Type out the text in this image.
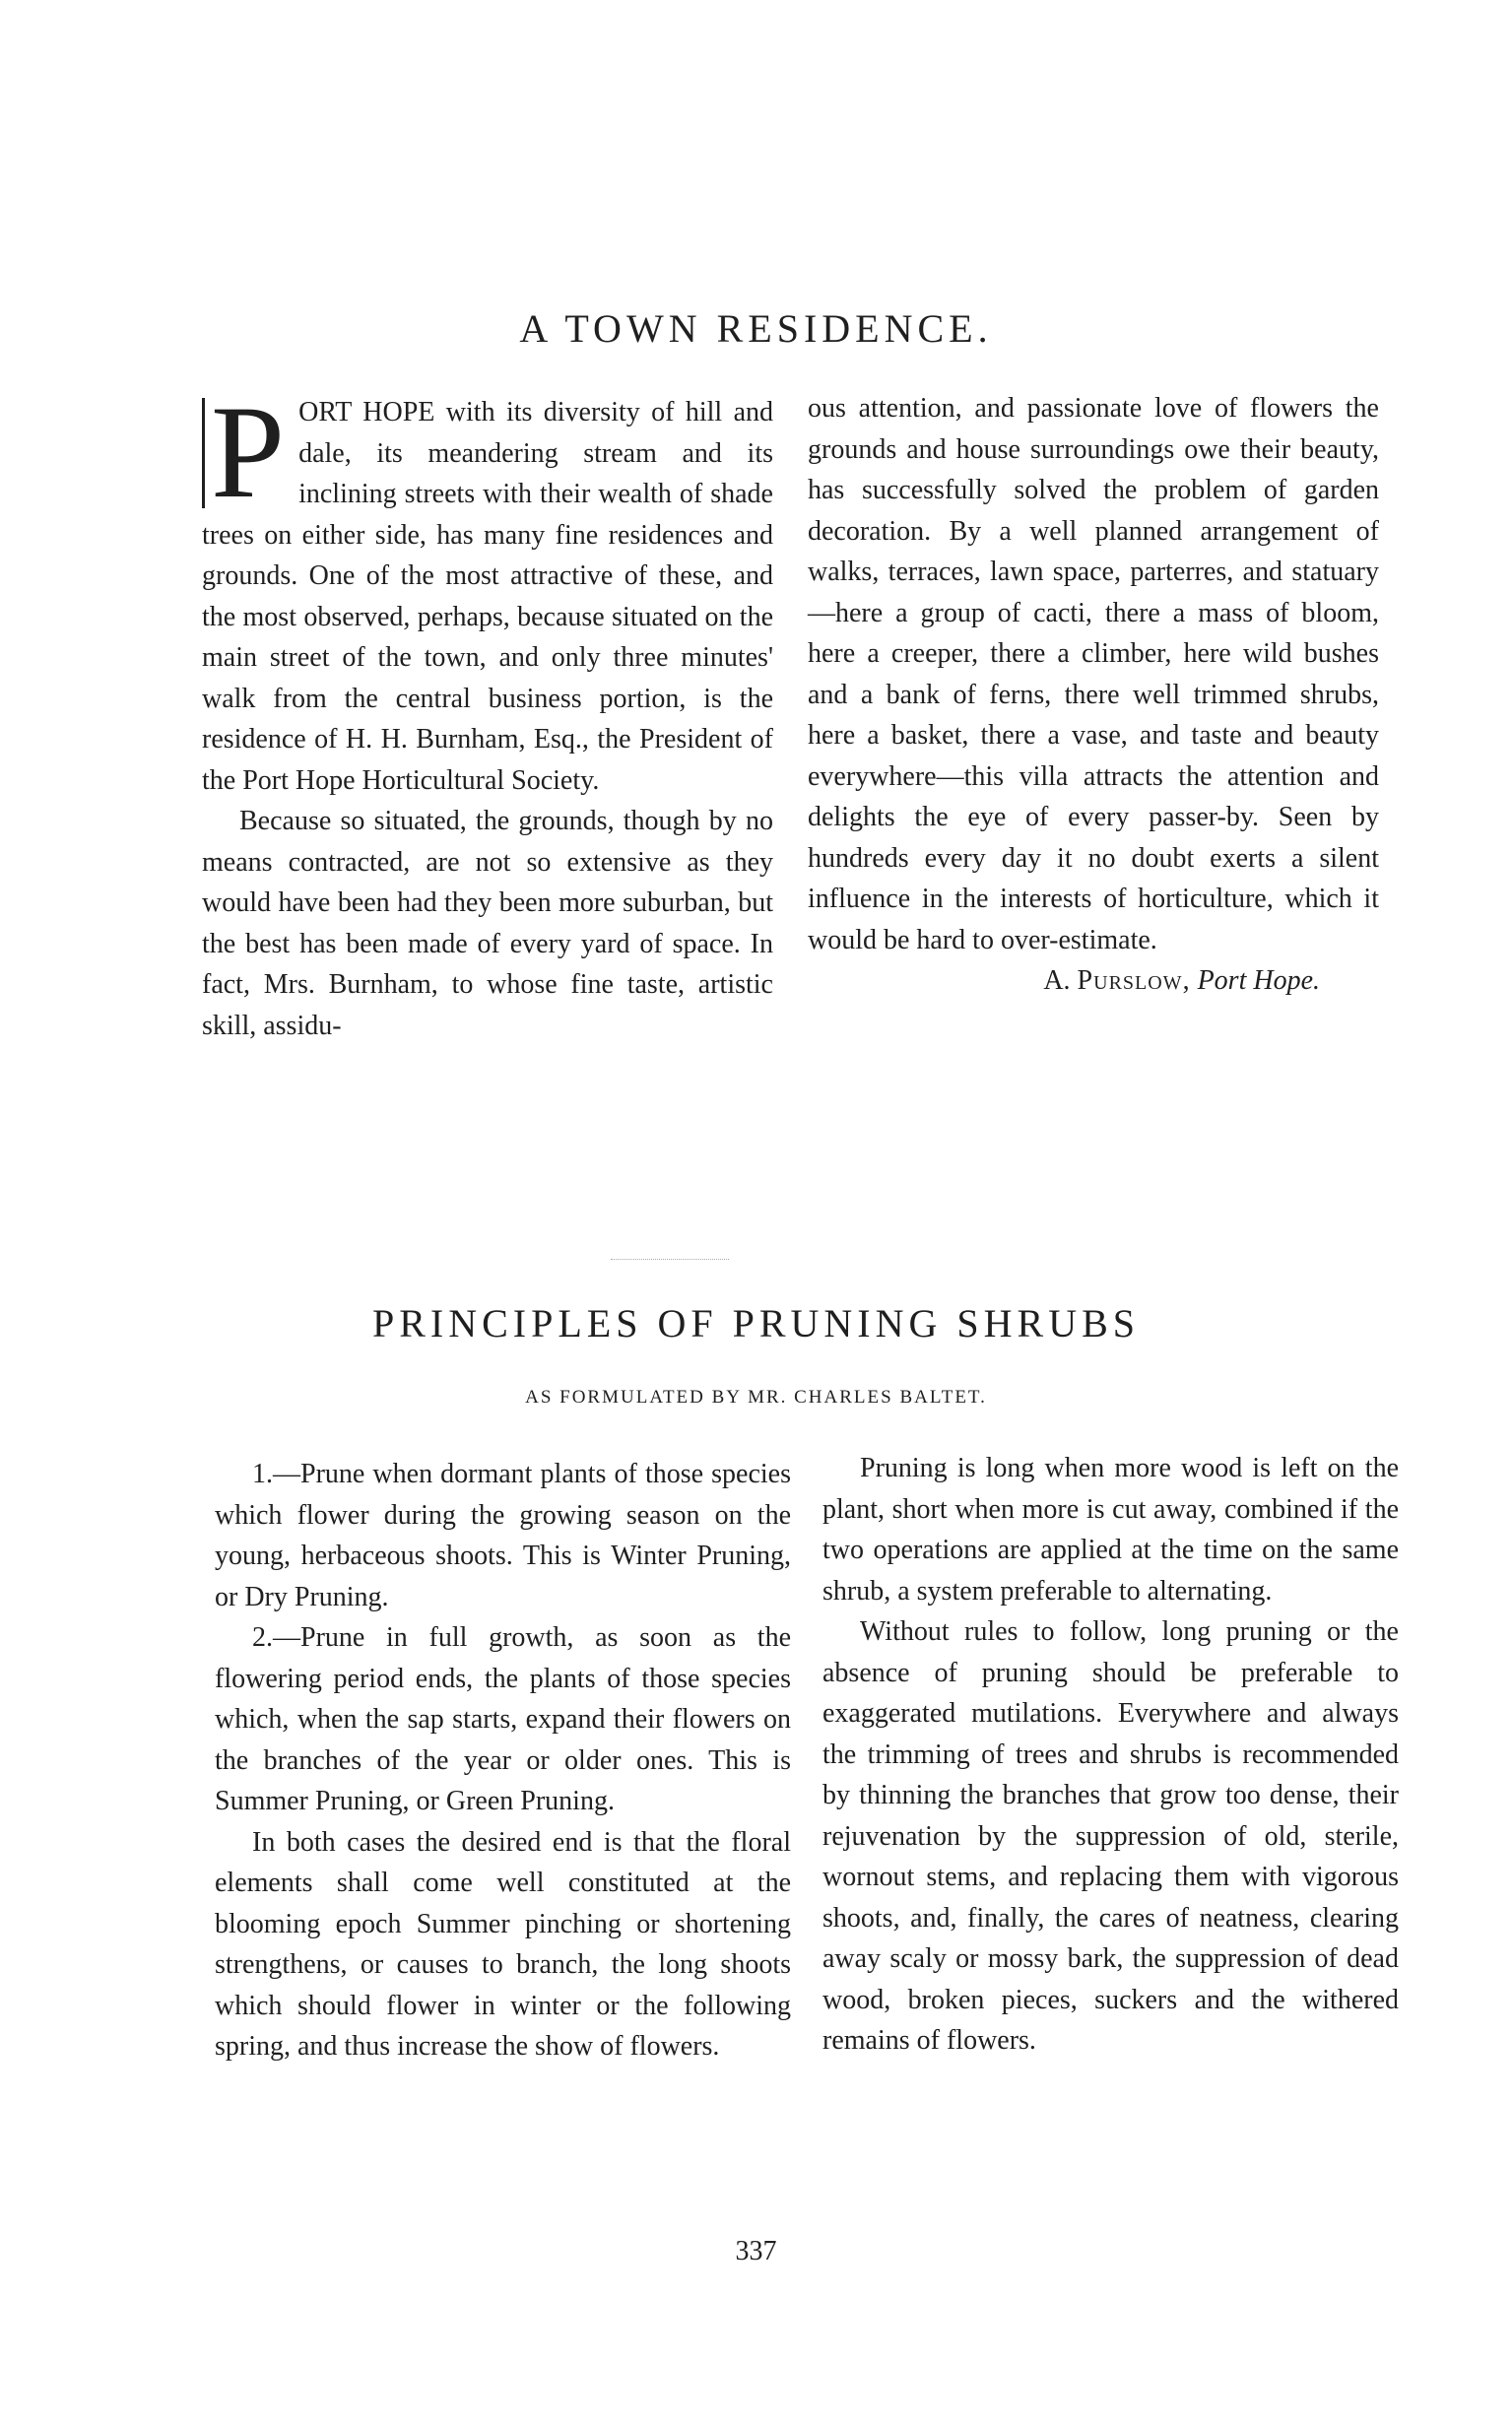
A TOWN RESIDENCE.

P ORT HOPE with its diversity of hill and dale, its meandering stream and its inclining streets with their wealth of shade trees on either side, has many fine residences and grounds. One of the most attractive of these, and the most observed, perhaps, because situated on the main street of the town, and only three minutes' walk from the central business portion, is the residence of H. H. Burnham, Esq., the President of the Port Hope Horticultural Society.

Because so situated, the grounds, though by no means contracted, are not so extensive as they would have been had they been more suburban, but the best has been made of every yard of space. In fact, Mrs. Burnham, to whose fine taste, artistic skill, assidu-

ous attention, and passionate love of flowers the grounds and house surroundings owe their beauty, has successfully solved the problem of garden decoration. By a well planned arrangement of walks, terraces, lawn space, parterres, and statuary—here a group of cacti, there a mass of bloom, here a creeper, there a climber, here wild bushes and a bank of ferns, there well trimmed shrubs, here a basket, there a vase, and taste and beauty everywhere—this villa attracts the attention and delights the eye of every passer-by. Seen by hundreds every day it no doubt exerts a silent influence in the interests of horticulture, which it would be hard to over-estimate.

A. Purslow, Port Hope.

PRINCIPLES OF PRUNING SHRUBS

AS FORMULATED BY MR. CHARLES BALTET.

1.—Prune when dormant plants of those species which flower during the growing season on the young, herbaceous shoots. This is Winter Pruning, or Dry Pruning.

2.—Prune in full growth, as soon as the flowering period ends, the plants of those species which, when the sap starts, expand their flowers on the branches of the year or older ones. This is Summer Pruning, or Green Pruning.

In both cases the desired end is that the floral elements shall come well constituted at the blooming epoch Summer pinching or shortening strengthens, or causes to branch, the long shoots which should flower in winter or the following spring, and thus increase the show of flowers.

Pruning is long when more wood is left on the plant, short when more is cut away, combined if the two operations are applied at the time on the same shrub, a system preferable to alternating.

Without rules to follow, long pruning or the absence of pruning should be preferable to exaggerated mutilations. Everywhere and always the trimming of trees and shrubs is recommended by thinning the branches that grow too dense, their rejuvenation by the suppression of old, sterile, wornout stems, and replacing them with vigorous shoots, and, finally, the cares of neatness, clearing away scaly or mossy bark, the suppression of dead wood, broken pieces, suckers and the withered remains of flowers.

337
